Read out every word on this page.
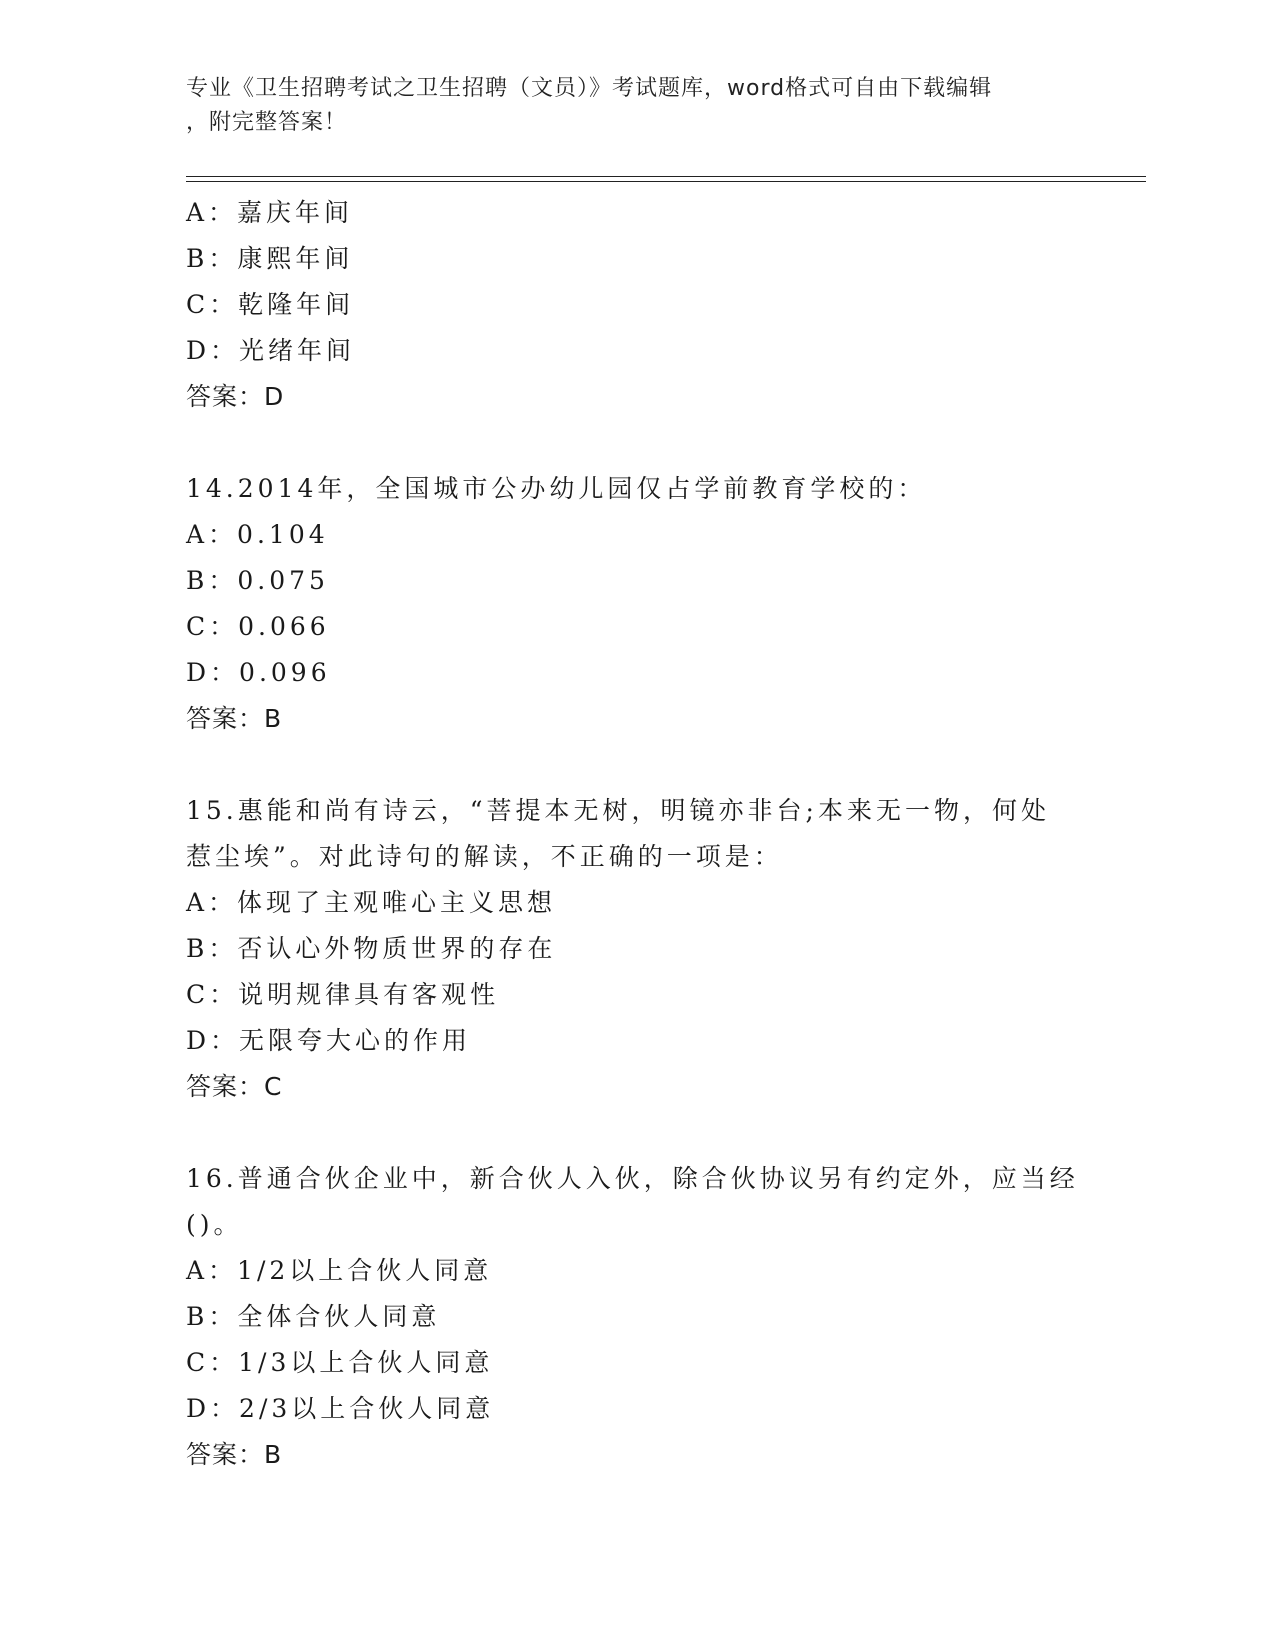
专业《卫生招聘考试之卫生招聘（文员）》考试题库，word格式可自由下载编辑
，附完整答案！
A：嘉庆年间
B：康熙年间
C：乾隆年间
D：光绪年间
答案：D
14.2014年，全国城市公办幼儿园仅占学前教育学校的：
A：0.104
B：0.075
C：0.066
D：0.096
答案：B
15.惠能和尚有诗云，“菩提本无树，明镜亦非台;本来无一物，何处
惹尘埃”。对此诗句的解读，不正确的一项是：
A：体现了主观唯心主义思想
B：否认心外物质世界的存在
C：说明规律具有客观性
D：无限夸大心的作用
答案：C
16.普通合伙企业中，新合伙人入伙，除合伙协议另有约定外，应当经
()。
A：1/2以上合伙人同意
B：全体合伙人同意
C：1/3以上合伙人同意
D：2/3以上合伙人同意
答案：B
